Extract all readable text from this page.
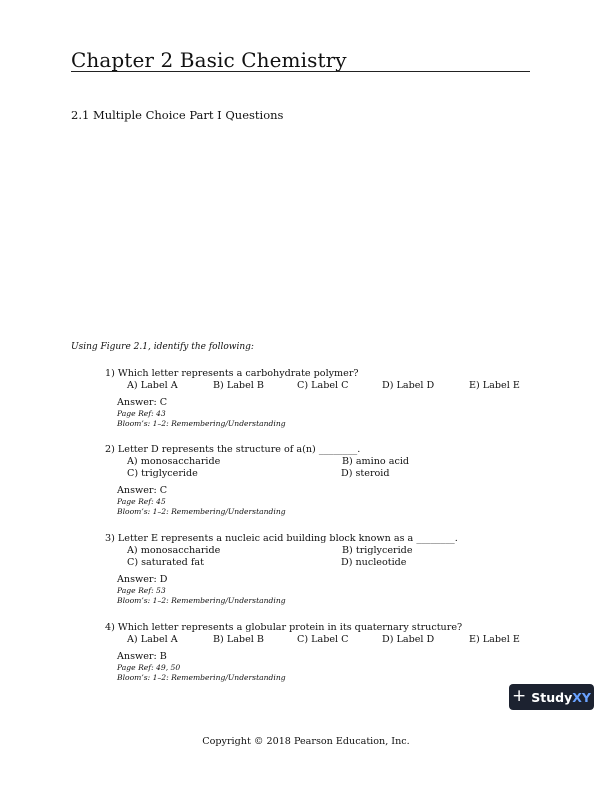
Chapter 2 Basic Chemistry
2.1 Multiple Choice Part I Questions
Using Figure 2.1, identify the following:
1) Which letter represents a carbohydrate polymer?
A) Label A	B) Label B	C) Label C	D) Label D	E) Label E
Answer: C
Page Ref: 43
Bloom’s: 1–2: Remembering/Understanding
2) Letter D represents the structure of a(n) ________.
A) monosaccharide	B) amino acid
C) triglyceride	D) steroid
Answer: C
Page Ref: 45
Bloom’s: 1–2: Remembering/Understanding
3) Letter E represents a nucleic acid building block known as a ________.
A) monosaccharide	B) triglyceride
C) saturated fat	D) nucleotide
Answer: D
Page Ref: 53
Bloom’s: 1–2: Remembering/Understanding
4) Which letter represents a globular protein in its quaternary structure?
A) Label A	B) Label B	C) Label C	D) Label D	E) Label E
Answer: B
Page Ref: 49, 50
Bloom’s: 1–2: Remembering/Understanding
+ StudyXY
Copyright © 2018 Pearson Education, Inc.
